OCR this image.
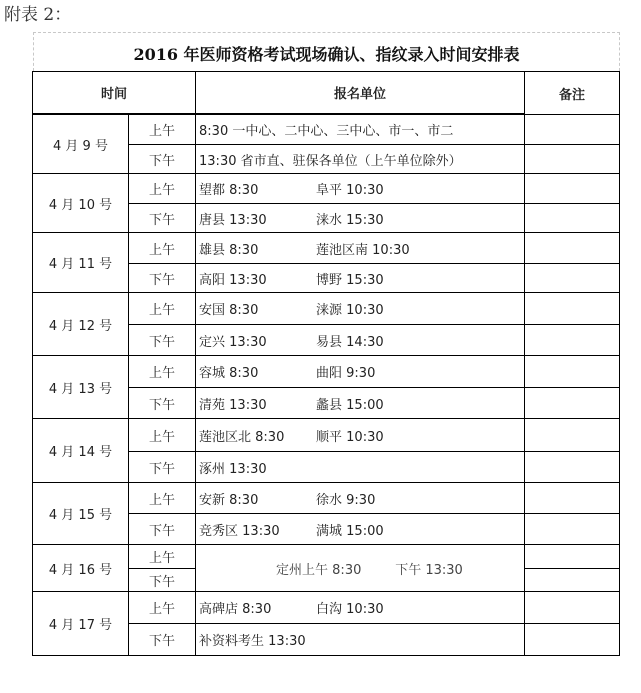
附表 2：
2016 年医师资格考试现场确认、指纹录入时间安排表
时间		报名单位	备注

4 月 9 号	上午	8:30 一中心、二中心、三中心、市一、市二	
	下午	13:30 省市直、驻保各单位（上午单位除外）	
4 月 10 号	上午	望都 8:30 阜平 10:30	
	下午	唐县 13:30 涞水 15:30	
4 月 11 号	上午	雄县 8:30 莲池区南 10:30	
	下午	高阳 13:30 博野 15:30	
4 月 12 号	上午	安国 8:30 涞源 10:30	
	下午	定兴 13:30 易县 14:30	
4 月 13 号	上午	容城 8:30 曲阳 9:30	
	下午	清苑 13:30 蠡县 15:00	
4 月 14 号	上午	莲池区北 8:30 顺平 10:30	
	下午	涿州 13:30	
4 月 15 号	上午	安新 8:30 徐水 9:30	
	下午	竞秀区 13:30 满城 15:00	
4 月 16 号	上午	定州上午 8:30 下午 13:30	
	下午		
4 月 17 号	上午	高碑店 8:30 白沟 10:30	
	下午	补资料考生 13:30	
